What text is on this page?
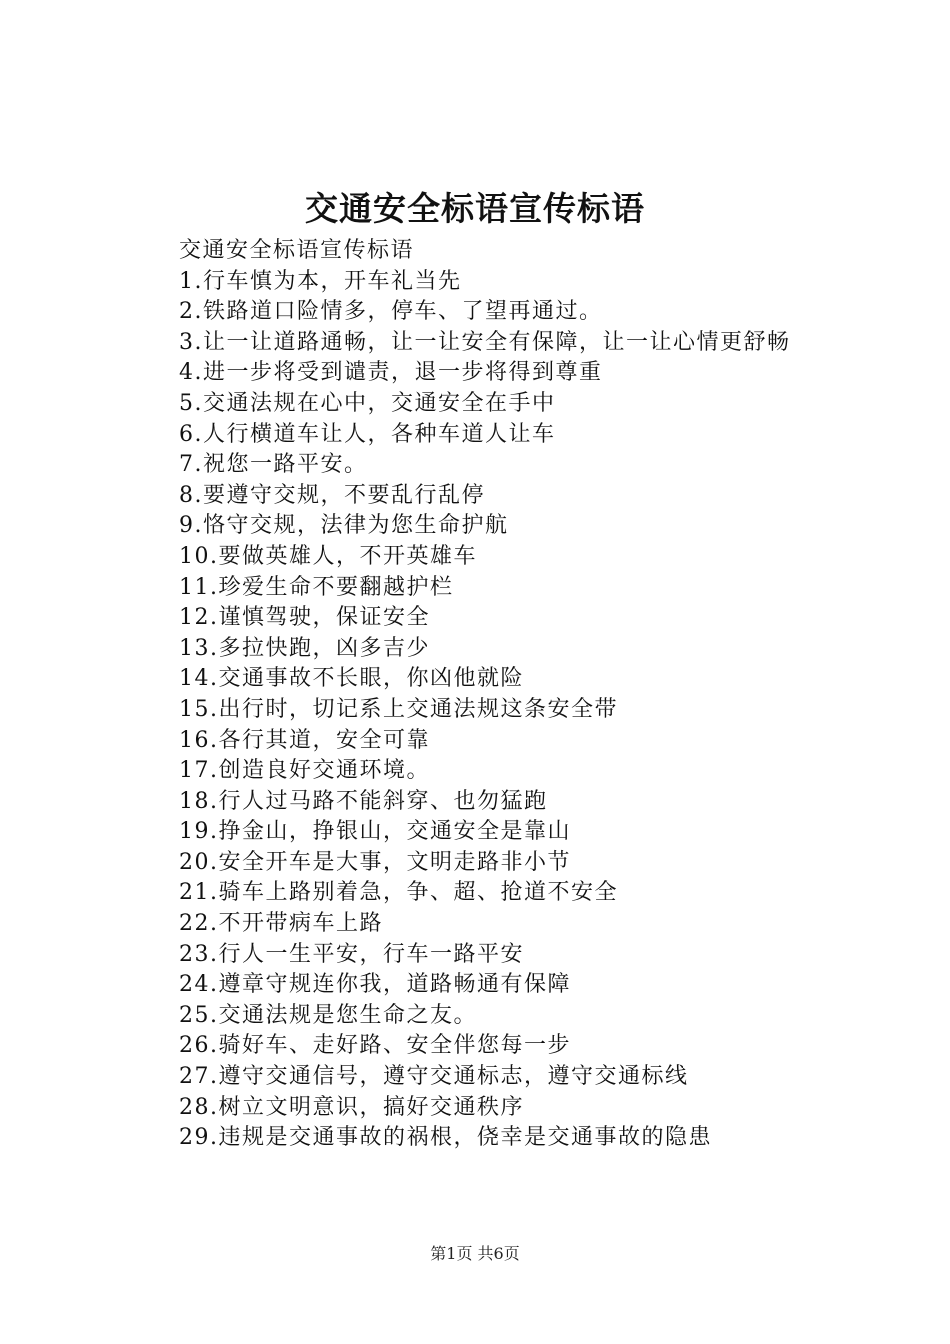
交通安全标语宣传标语

交通安全标语宣传标语

1.行车慎为本，开车礼当先

2.铁路道口险情多，停车、了望再通过。

3.让一让道路通畅，让一让安全有保障，让一让心情更舒畅

4.进一步将受到谴责，退一步将得到尊重

5.交通法规在心中，交通安全在手中

6.人行横道车让人，各种车道人让车

7.祝您一路平安。

8.要遵守交规，不要乱行乱停

9.恪守交规，法律为您生命护航

10.要做英雄人，不开英雄车

11.珍爱生命不要翻越护栏

12.谨慎驾驶，保证安全

13.多拉快跑，凶多吉少

14.交通事故不长眼，你凶他就险

15.出行时，切记系上交通法规这条安全带

16.各行其道，安全可靠

17.创造良好交通环境。

18.行人过马路不能斜穿、也勿猛跑

19.挣金山，挣银山，交通安全是靠山

20.安全开车是大事，文明走路非小节

21.骑车上路别着急，争、超、抢道不安全

22.不开带病车上路

23.行人一生平安，行车一路平安

24.遵章守规连你我，道路畅通有保障

25.交通法规是您生命之友。

26.骑好车、走好路、安全伴您每一步

27.遵守交通信号，遵守交通标志，遵守交通标线

28.树立文明意识，搞好交通秩序

29.违规是交通事故的祸根，侥幸是交通事故的隐患

第1页 共6页
